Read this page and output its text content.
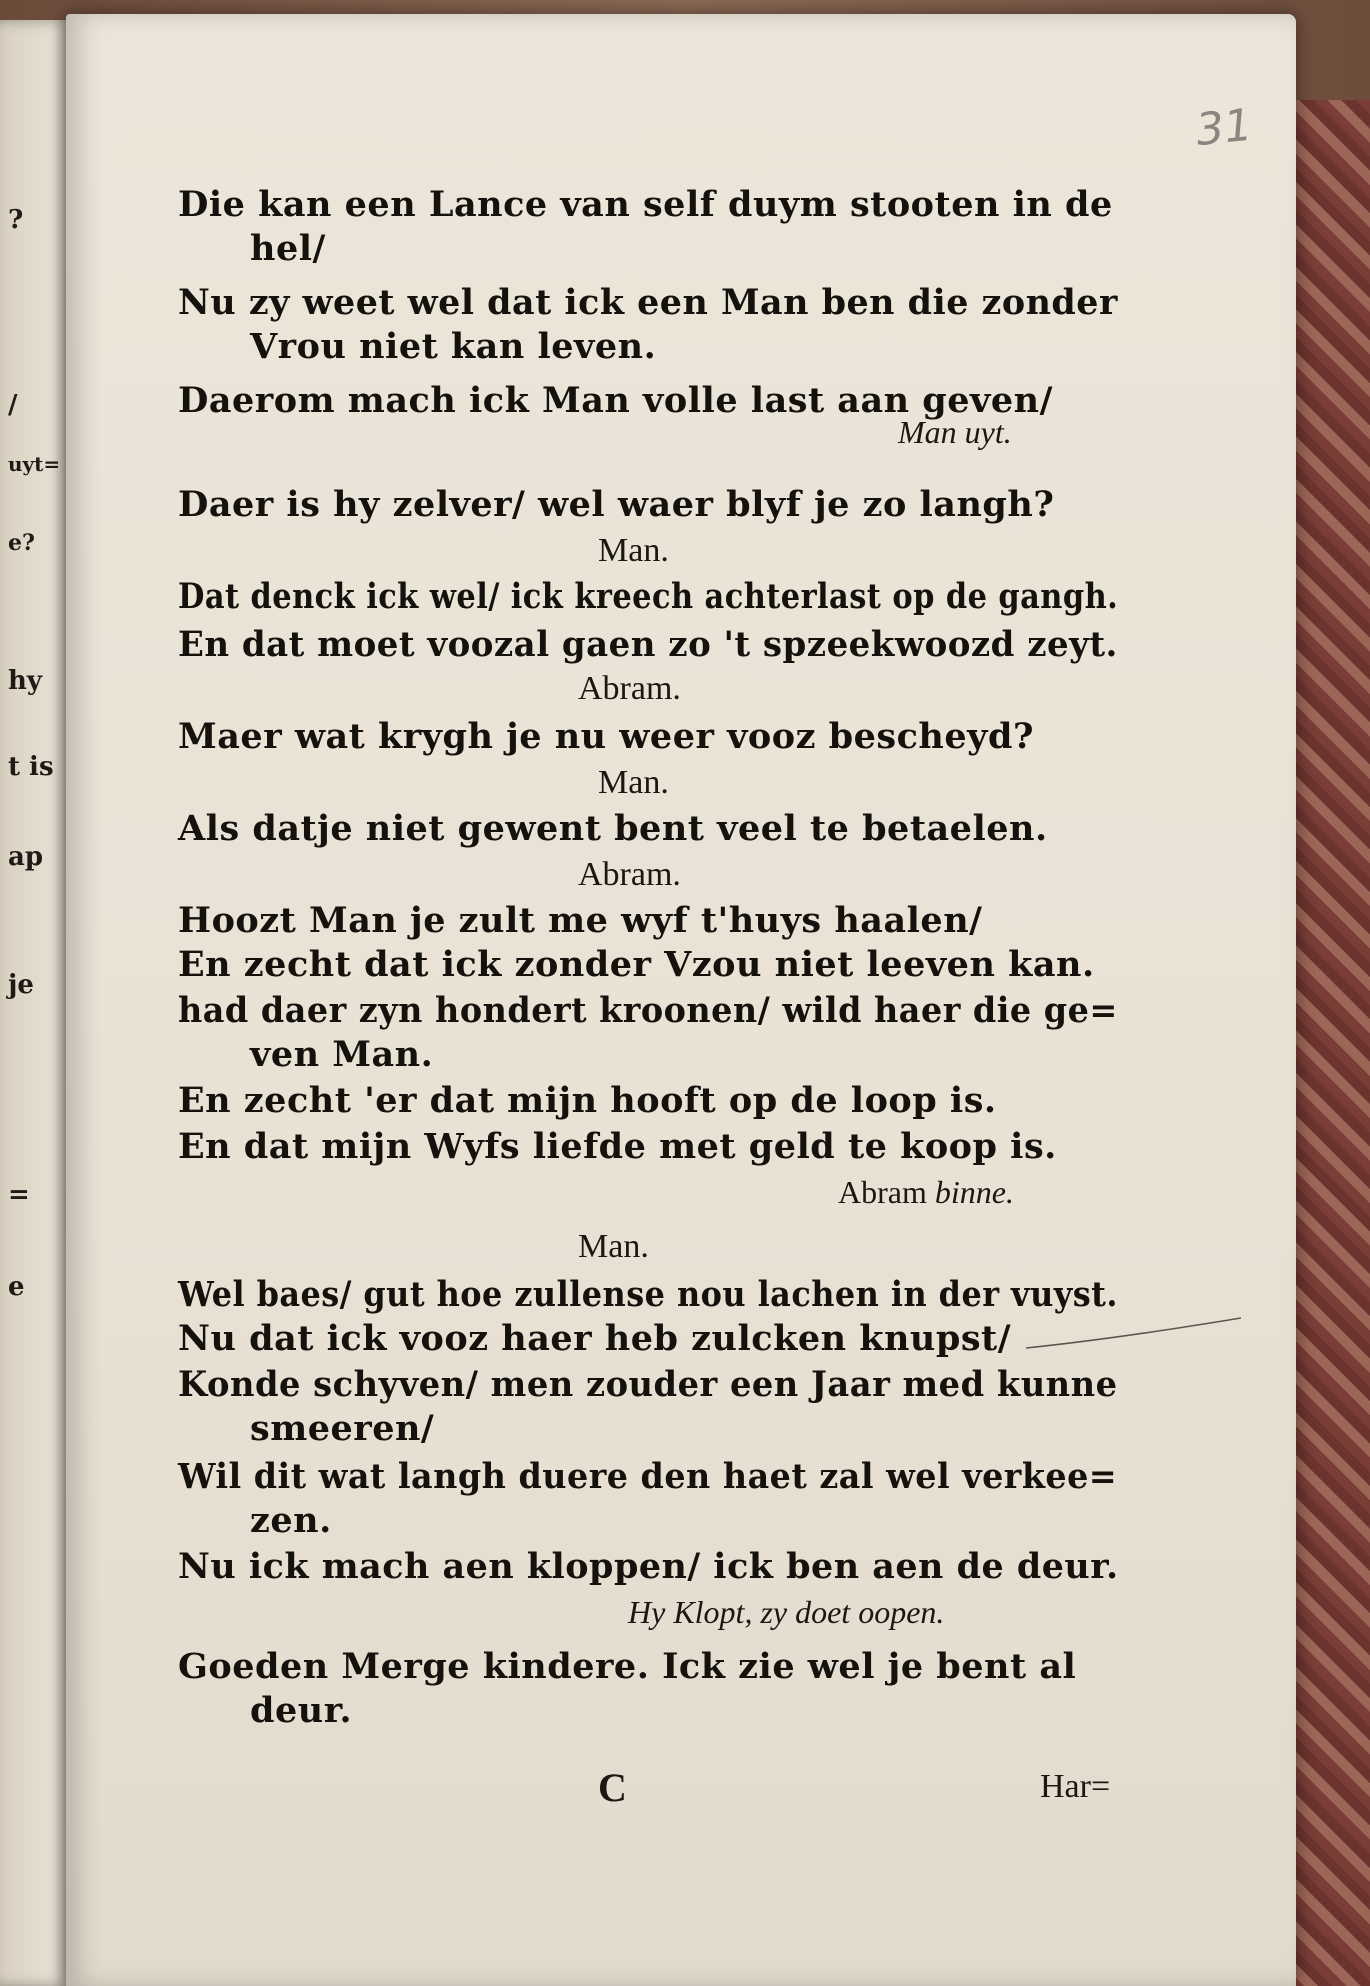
?
/
uyt=
e?
hy
t is
ap
je
=
e
31
Die kan een Lance van self duym stooten in de
hel/
Nu zy weet wel dat ick een Man ben die zonder
Vrou niet kan leven.
Daerom mach ick Man volle last aan geven/
Man uyt.
Daer is hy zelver/ wel waer blyf je zo langh?
Man.
Dat denck ick wel/ ick kreech achterlast op de gangh.
En dat moet voozal gaen zo 't spzeekwoozd zeyt.
Abram.
Maer wat krygh je nu weer vooz bescheyd?
Man.
Als datje niet gewent bent veel te betaelen.
Abram.
Hoozt Man je zult me wyf t'huys haalen/
En zecht dat ick zonder Vzou niet leeven kan.
had daer zyn hondert kroonen/ wild haer die ge=
ven Man.
En zecht 'er dat mijn hooft op de loop is.
En dat mijn Wyfs liefde met geld te koop is.
Abram binne.
Man.
Wel baes/ gut hoe zullense nou lachen in der vuyst.
Nu dat ick vooz haer heb zulcken knupst/
Konde schyven/ men zouder een Jaar med kunne
smeeren/
Wil dit wat langh duere den haet zal wel verkee=
zen.
Nu ick mach aen kloppen/ ick ben aen de deur.
Hy Klopt, zy doet oopen.
Goeden Merge kindere. Ick zie wel je bent al
deur.
C	Har=
